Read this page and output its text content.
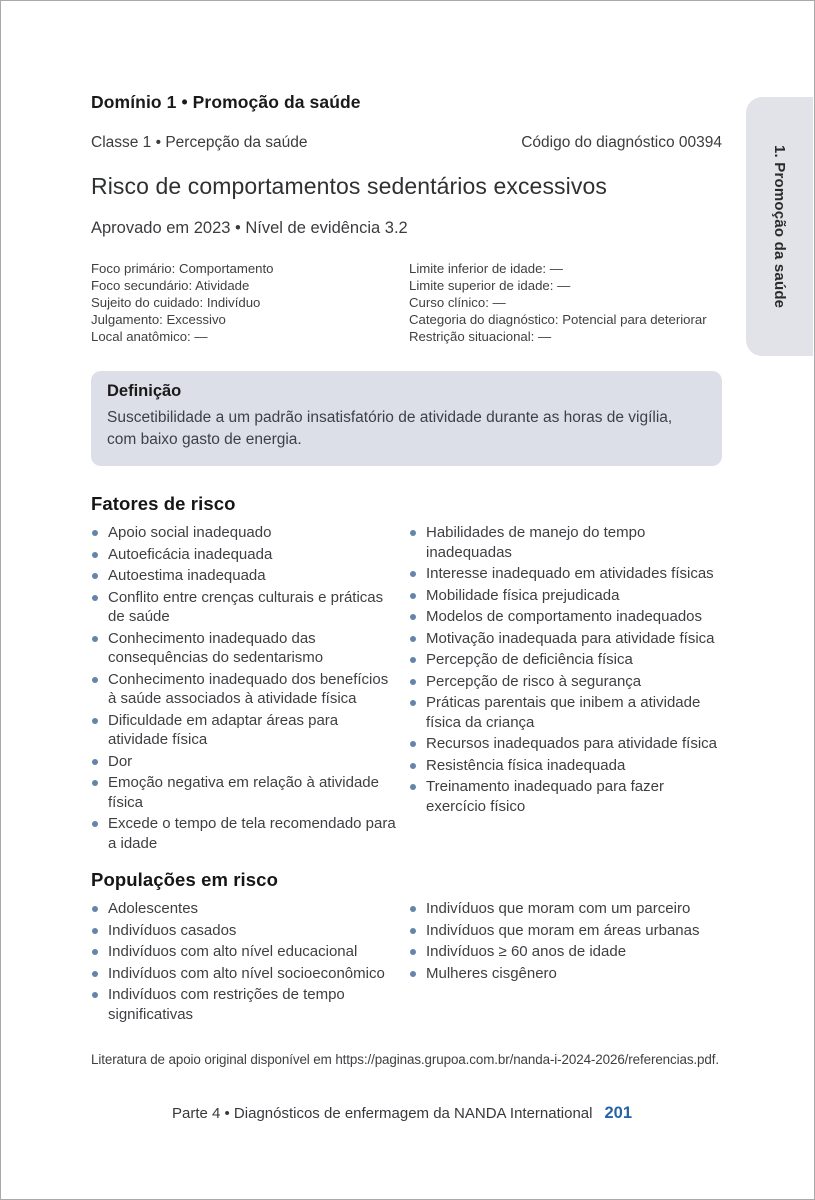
Domínio 1 • Promoção da saúde
Classe 1 • Percepção da saúde	Código do diagnóstico 00394
Risco de comportamentos sedentários excessivos
Aprovado em 2023 • Nível de evidência 3.2
Foco primário: Comportamento
Foco secundário: Atividade
Sujeito do cuidado: Indivíduo
Julgamento: Excessivo
Local anatômico: —
Limite inferior de idade: —
Limite superior de idade: —
Curso clínico: —
Categoria do diagnóstico: Potencial para deteriorar
Restrição situacional: —
Definição
Suscetibilidade a um padrão insatisfatório de atividade durante as horas de vigília, com baixo gasto de energia.
Fatores de risco
Apoio social inadequado
Autoeficácia inadequada
Autoestima inadequada
Conflito entre crenças culturais e práticas de saúde
Conhecimento inadequado das consequências do sedentarismo
Conhecimento inadequado dos benefícios à saúde associados à atividade física
Dificuldade em adaptar áreas para atividade física
Dor
Emoção negativa em relação à atividade física
Excede o tempo de tela recomendado para a idade
Habilidades de manejo do tempo inadequadas
Interesse inadequado em atividades físicas
Mobilidade física prejudicada
Modelos de comportamento inadequados
Motivação inadequada para atividade física
Percepção de deficiência física
Percepção de risco à segurança
Práticas parentais que inibem a atividade física da criança
Recursos inadequados para atividade física
Resistência física inadequada
Treinamento inadequado para fazer exercício físico
Populações em risco
Adolescentes
Indivíduos casados
Indivíduos com alto nível educacional
Indivíduos com alto nível socioeconômico
Indivíduos com restrições de tempo significativas
Indivíduos que moram com um parceiro
Indivíduos que moram em áreas urbanas
Indivíduos ≥ 60 anos de idade
Mulheres cisgênero
Literatura de apoio original disponível em https://paginas.grupoa.com.br/nanda-i-2024-2026/referencias.pdf.
Parte 4 • Diagnósticos de enfermagem da NANDA International 201
1. Promoção da saúde
